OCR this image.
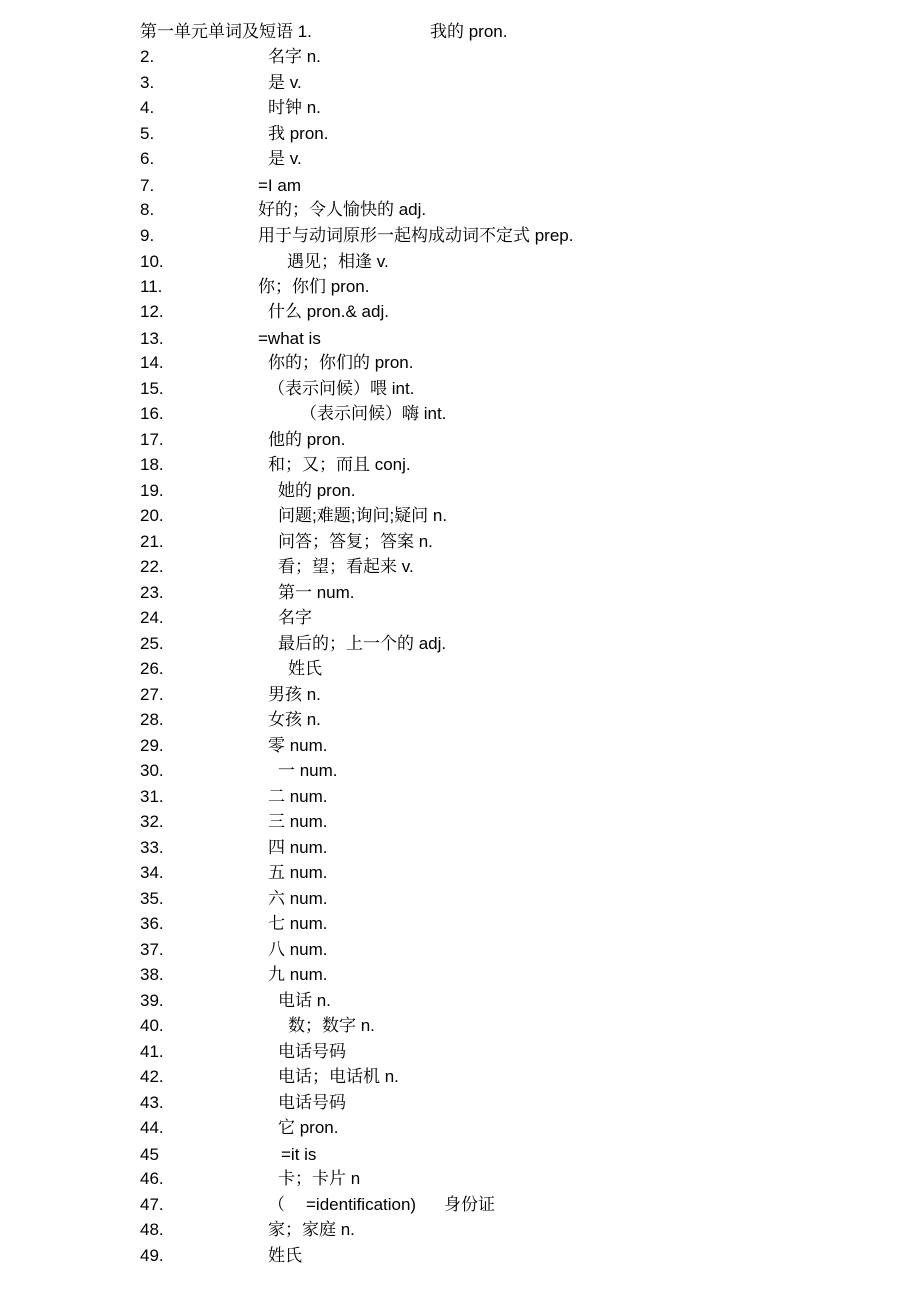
第一单元单词及短语 1.	我的 pron.
2.	名字 n.
3.	是 v.
4.	时钟 n.
5.	我 pron.
6.	是 v.
7.	=I am
8.	好的；令人愉快的 adj.
9.	用于与动词原形一起构成动词不定式 prep.
10.	遇见；相逢 v.
11.	你；你们 pron.
12.	什么 pron.& adj.
13.	=what is
14.	你的；你们的 pron.
15.	（表示问候）喂 int.
16.	（表示问候）嗨 int.
17.	他的 pron.
18.	和；又；而且 conj.
19.	她的 pron.
20.	问题;难题;询问;疑问 n.
21.	问答；答复；答案 n.
22.	看；望；看起来 v.
23.	第一 num.
24.	名字
25.	最后的；上一个的 adj.
26.	姓氏
27.	男孩 n.
28.	女孩 n.
29.	零 num.
30.	一 num.
31.	二 num.
32.	三 num.
33.	四 num.
34.	五 num.
35.	六 num.
36.	七 num.
37.	八 num.
38.	九 num.
39.	电话 n.
40.	数；数字 n.
41.	电话号码
42.	电话；电话机 n.
43.	电话号码
44.	它 pron.
45	=it is
46.	卡；卡片 n
47.	（ =identification) 身份证
48.	家；家庭 n.
49.	姓氏
